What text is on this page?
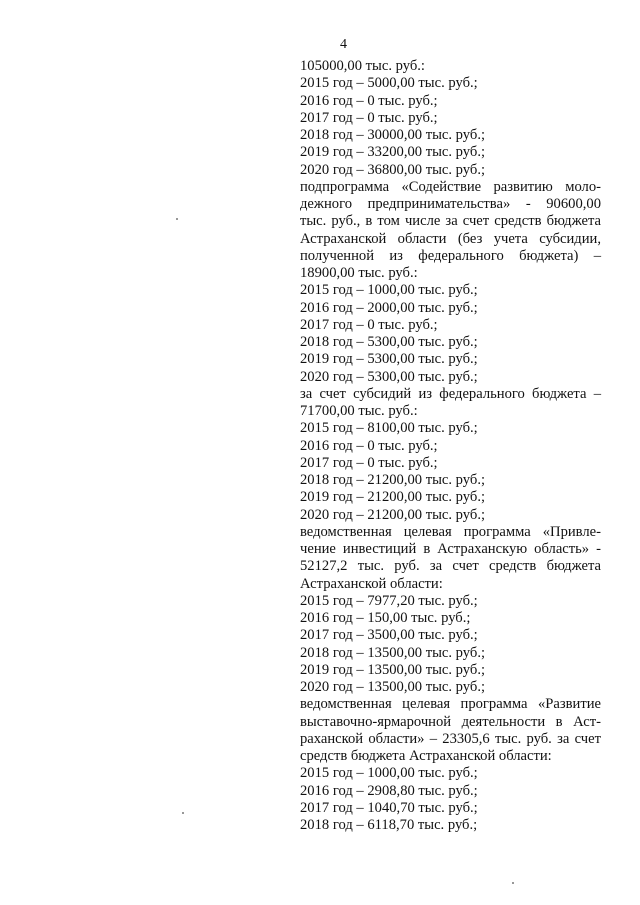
4
105000,00 тыс. руб.:
2015 год – 5000,00 тыс. руб.;
2016 год – 0 тыс. руб.;
2017 год – 0 тыс. руб.;
2018 год – 30000,00 тыс. руб.;
2019 год – 33200,00 тыс. руб.;
2020 год – 36800,00 тыс. руб.;
подпрограмма «Содействие развитию моло-
дежного предпринимательства» - 90600,00
тыс. руб., в том числе за счет средств бюджета
Астраханской области (без учета субсидии,
полученной из федерального бюджета) –
18900,00 тыс. руб.:
2015 год – 1000,00 тыс. руб.;
2016 год – 2000,00 тыс. руб.;
2017 год – 0 тыс. руб.;
2018 год – 5300,00 тыс. руб.;
2019 год – 5300,00 тыс. руб.;
2020 год – 5300,00 тыс. руб.;
за счет субсидий из федерального бюджета –
71700,00 тыс. руб.:
2015 год – 8100,00 тыс. руб.;
2016 год – 0 тыс. руб.;
2017 год – 0 тыс. руб.;
2018 год – 21200,00 тыс. руб.;
2019 год – 21200,00 тыс. руб.;
2020 год – 21200,00 тыс. руб.;
ведомственная целевая программа «Привле-
чение инвестиций в Астраханскую область» -
52127,2 тыс. руб. за счет средств бюджета
Астраханской области:
2015 год – 7977,20 тыс. руб.;
2016 год – 150,00 тыс. руб.;
2017 год – 3500,00 тыс. руб.;
2018 год – 13500,00 тыс. руб.;
2019 год – 13500,00 тыс. руб.;
2020 год – 13500,00 тыс. руб.;
ведомственная целевая программа «Развитие
выставочно-ярмарочной деятельности в Аст-
раханской области» – 23305,6 тыс. руб. за счет
средств бюджета Астраханской области:
2015 год – 1000,00 тыс. руб.;
2016 год – 2908,80 тыс. руб.;
2017 год – 1040,70 тыс. руб.;
2018 год – 6118,70 тыс. руб.;
